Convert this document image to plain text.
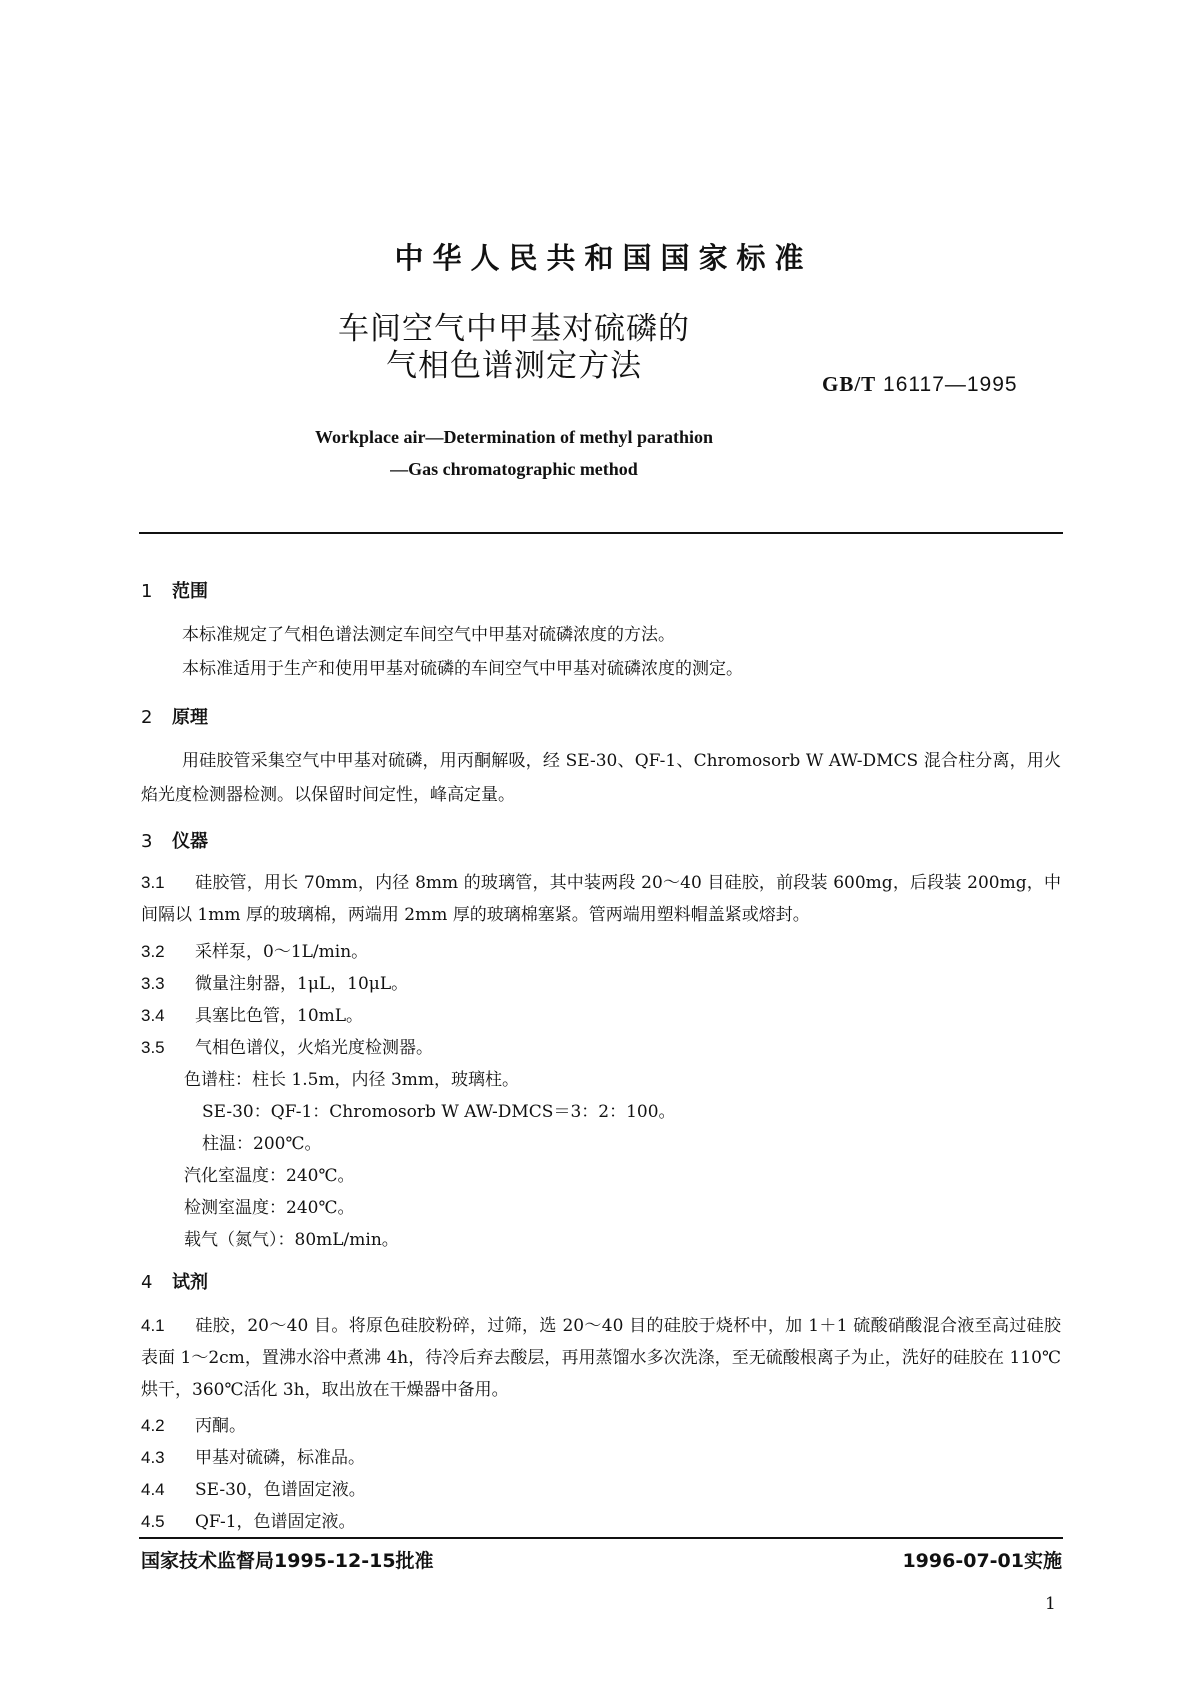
中华人民共和国国家标准
车间空气中甲基对硫磷的
气相色谱测定方法	GB/T 16117—1995
Workplace air—Determination of methyl parathion
—Gas chromatographic method
1 范围
本标准规定了气相色谱法测定车间空气中甲基对硫磷浓度的方法。
本标准适用于生产和使用甲基对硫磷的车间空气中甲基对硫磷浓度的测定。
2 原理
用硅胶管采集空气中甲基对硫磷，用丙酮解吸，经 SE-30、QF-1、Chromosorb W AW-DMCS 混合柱分离，用火焰光度检测器检测。以保留时间定性，峰高定量。
3 仪器
3.1 硅胶管，用长 70mm，内径 8mm 的玻璃管，其中装两段 20～40 目硅胶，前段装 600mg，后段装 200mg，中间隔以 1mm 厚的玻璃棉，两端用 2mm 厚的玻璃棉塞紧。管两端用塑料帽盖紧或熔封。
3.2 采样泵，0～1L/min。
3.3 微量注射器，1μL，10μL。
3.4 具塞比色管，10mL。
3.5 气相色谱仪，火焰光度检测器。
色谱柱：柱长 1.5m，内径 3mm，玻璃柱。
SE-30：QF-1：Chromosorb W AW-DMCS＝3：2：100。
柱温：200℃。
汽化室温度：240℃。
检测室温度：240℃。
载气（氮气）：80mL/min。
4 试剂
4.1 硅胶，20～40 目。将原色硅胶粉碎，过筛，选 20～40 目的硅胶于烧杯中，加 1＋1 硫酸硝酸混合液至高过硅胶表面 1～2cm，置沸水浴中煮沸 4h，待冷后弃去酸层，再用蒸馏水多次洗涤，至无硫酸根离子为止，洗好的硅胶在 110℃烘干，360℃活化 3h，取出放在干燥器中备用。
4.2 丙酮。
4.3 甲基对硫磷，标准品。
4.4 SE-30，色谱固定液。
4.5 QF-1，色谱固定液。
国家技术监督局1995-12-15批准	1996-07-01实施
1
